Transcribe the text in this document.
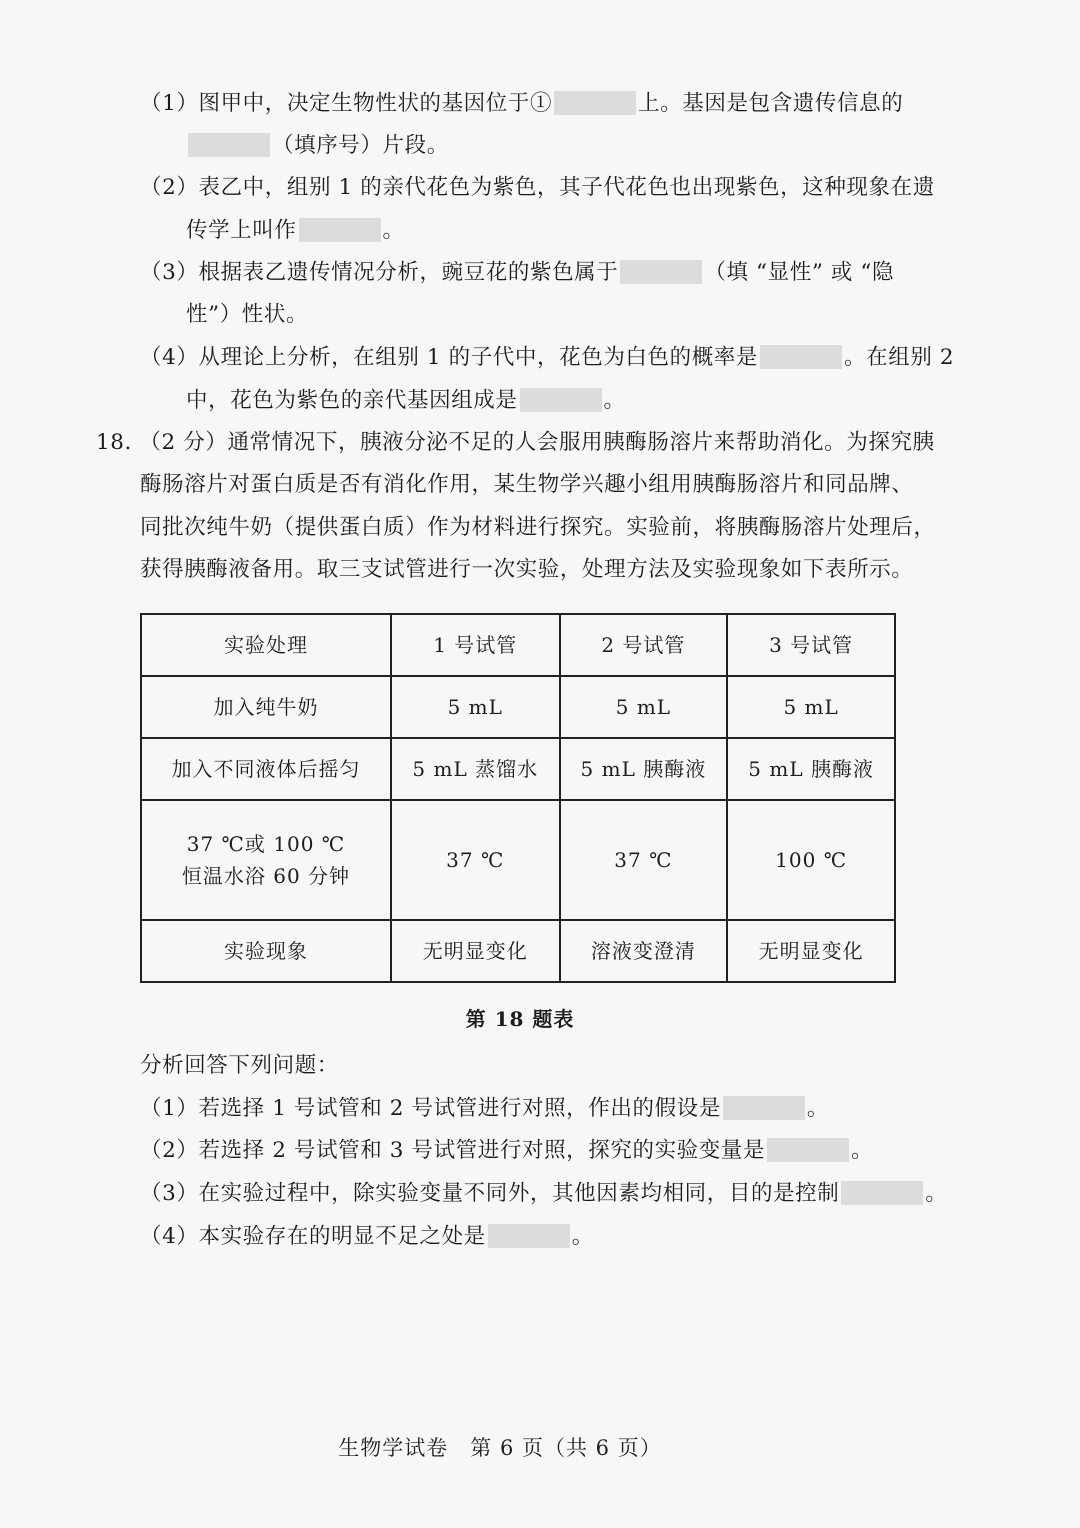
（1）图甲中，决定生物性状的基因位于①	上。基因是包含遗传信息的
（填序号）片段。
（2）表乙中，组别 1 的亲代花色为紫色，其子代花色也出现紫色，这种现象在遗
传学上叫作	。
（3）根据表乙遗传情况分析，豌豆花的紫色属于	（填 “显性” 或 “隐
性”）性状。
（4）从理论上分析，在组别 1 的子代中，花色为白色的概率是	。在组别 2
中，花色为紫色的亲代基因组成是	。
18. （2 分）通常情况下，胰液分泌不足的人会服用胰酶肠溶片来帮助消化。为探究胰
酶肠溶片对蛋白质是否有消化作用，某生物学兴趣小组用胰酶肠溶片和同品牌、
同批次纯牛奶（提供蛋白质）作为材料进行探究。实验前，将胰酶肠溶片处理后，
获得胰酶液备用。取三支试管进行一次实验，处理方法及实验现象如下表所示。
实验处理	1 号试管	2 号试管	3 号试管
加入纯牛奶	5 mL	5 mL	5 mL
加入不同液体后摇匀	5 mL 蒸馏水	5 mL 胰酶液	5 mL 胰酶液

37 ℃或 100 ℃
恒温水浴 60 分钟	37 ℃	37 ℃	100 ℃
实验现象	无明显变化	溶液变澄清	无明显变化
第 18 题表
分析回答下列问题：
（1）若选择 1 号试管和 2 号试管进行对照，作出的假设是	。
（2）若选择 2 号试管和 3 号试管进行对照，探究的实验变量是	。
（3）在实验过程中，除实验变量不同外，其他因素均相同，目的是控制	。
（4）本实验存在的明显不足之处是	。
生物学试卷　第 6 页（共 6 页）
